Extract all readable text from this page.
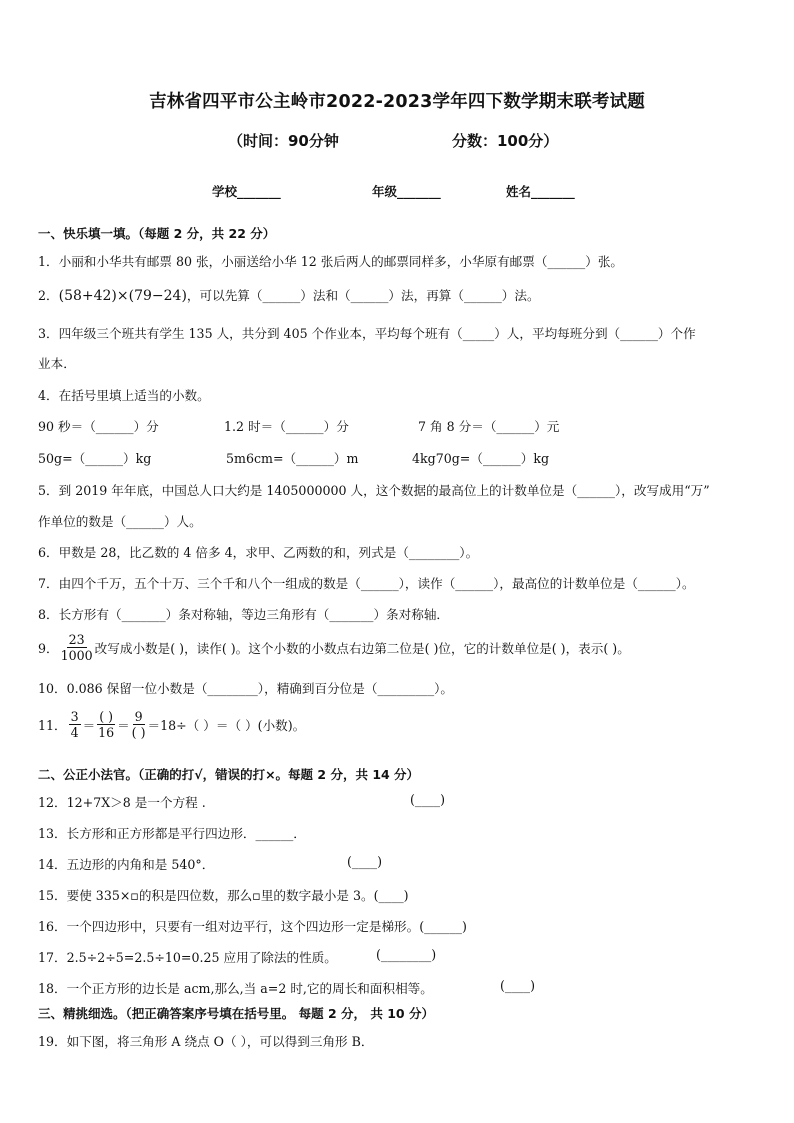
吉林省四平市公主岭市2022-2023学年四下数学期末联考试题
（时间：90分钟	分数：100分）
学校_______	年级_______	姓名_______
一、快乐填一填。（每题 2 分，共 22 分）
1．小丽和小华共有邮票 80 张，小丽送给小华 12 张后两人的邮票同样多，小华原有邮票（______）张。
2．(58+42)×(79−24)，可以先算（______）法和（______）法，再算（______）法。
3．四年级三个班共有学生 135 人，共分到 405 个作业本，平均每个班有（_____）人，平均每班分到（______）个作
业本．
4．在括号里填上适当的小数。
90 秒＝（______）分	1.2 时＝（______）分	7 角 8 分＝（______）元
50g=（______）kg	5m6cm=（______）m	4kg70g=（______）kg
5．到 2019 年年底，中国总人口大约是 1405000000 人，这个数据的最高位上的计数单位是（______），改写成用“万”
作单位的数是（______）人。
6．甲数是 28，比乙数的 4 倍多 4，求甲、乙两数的和，列式是（________）。
7．由四个千万，五个十万、三个千和八个一组成的数是（______），读作（______），最高位的计数单位是（______）。
8．长方形有（_______）条对称轴，等边三角形有（_______）条对称轴．
9． $\frac{23}{1000}$ 改写成小数是( )，读作( )。这个小数的小数点右边第二位是( )位，它的计数单位是( )，表示( )。
10．0.086 保留一位小数是（________），精确到百分位是（_________）。
11． $\frac{3}{4} = \frac{( )}{16} = \frac{9}{( )} =18\div$（ ）＝（ ）(小数)。
二、公正小法官。（正确的打√，错误的打×。每题 2 分，共 14 分）
12．12+7X＞8 是一个方程 .	(____)
13．长方形和正方形都是平行四边形．______．
14．五边形的内角和是 540°．	(____)
15．要使 335×▫的积是四位数，那么▫里的数字最小是 3。(____)
16．一个四边形中，只要有一组对边平行，这个四边形一定是梯形。(______)
17．2.5÷2÷5=2.5÷10=0.25 应用了除法的性质。	(________)
18．一个正方形的边长是 acm,那么,当 a=2 时,它的周长和面积相等。	(____)
三、精挑细选。（把正确答案序号填在括号里。 每题 2 分， 共 10 分）
19．如下图，将三角形 A 绕点 O（ ），可以得到三角形 B．
